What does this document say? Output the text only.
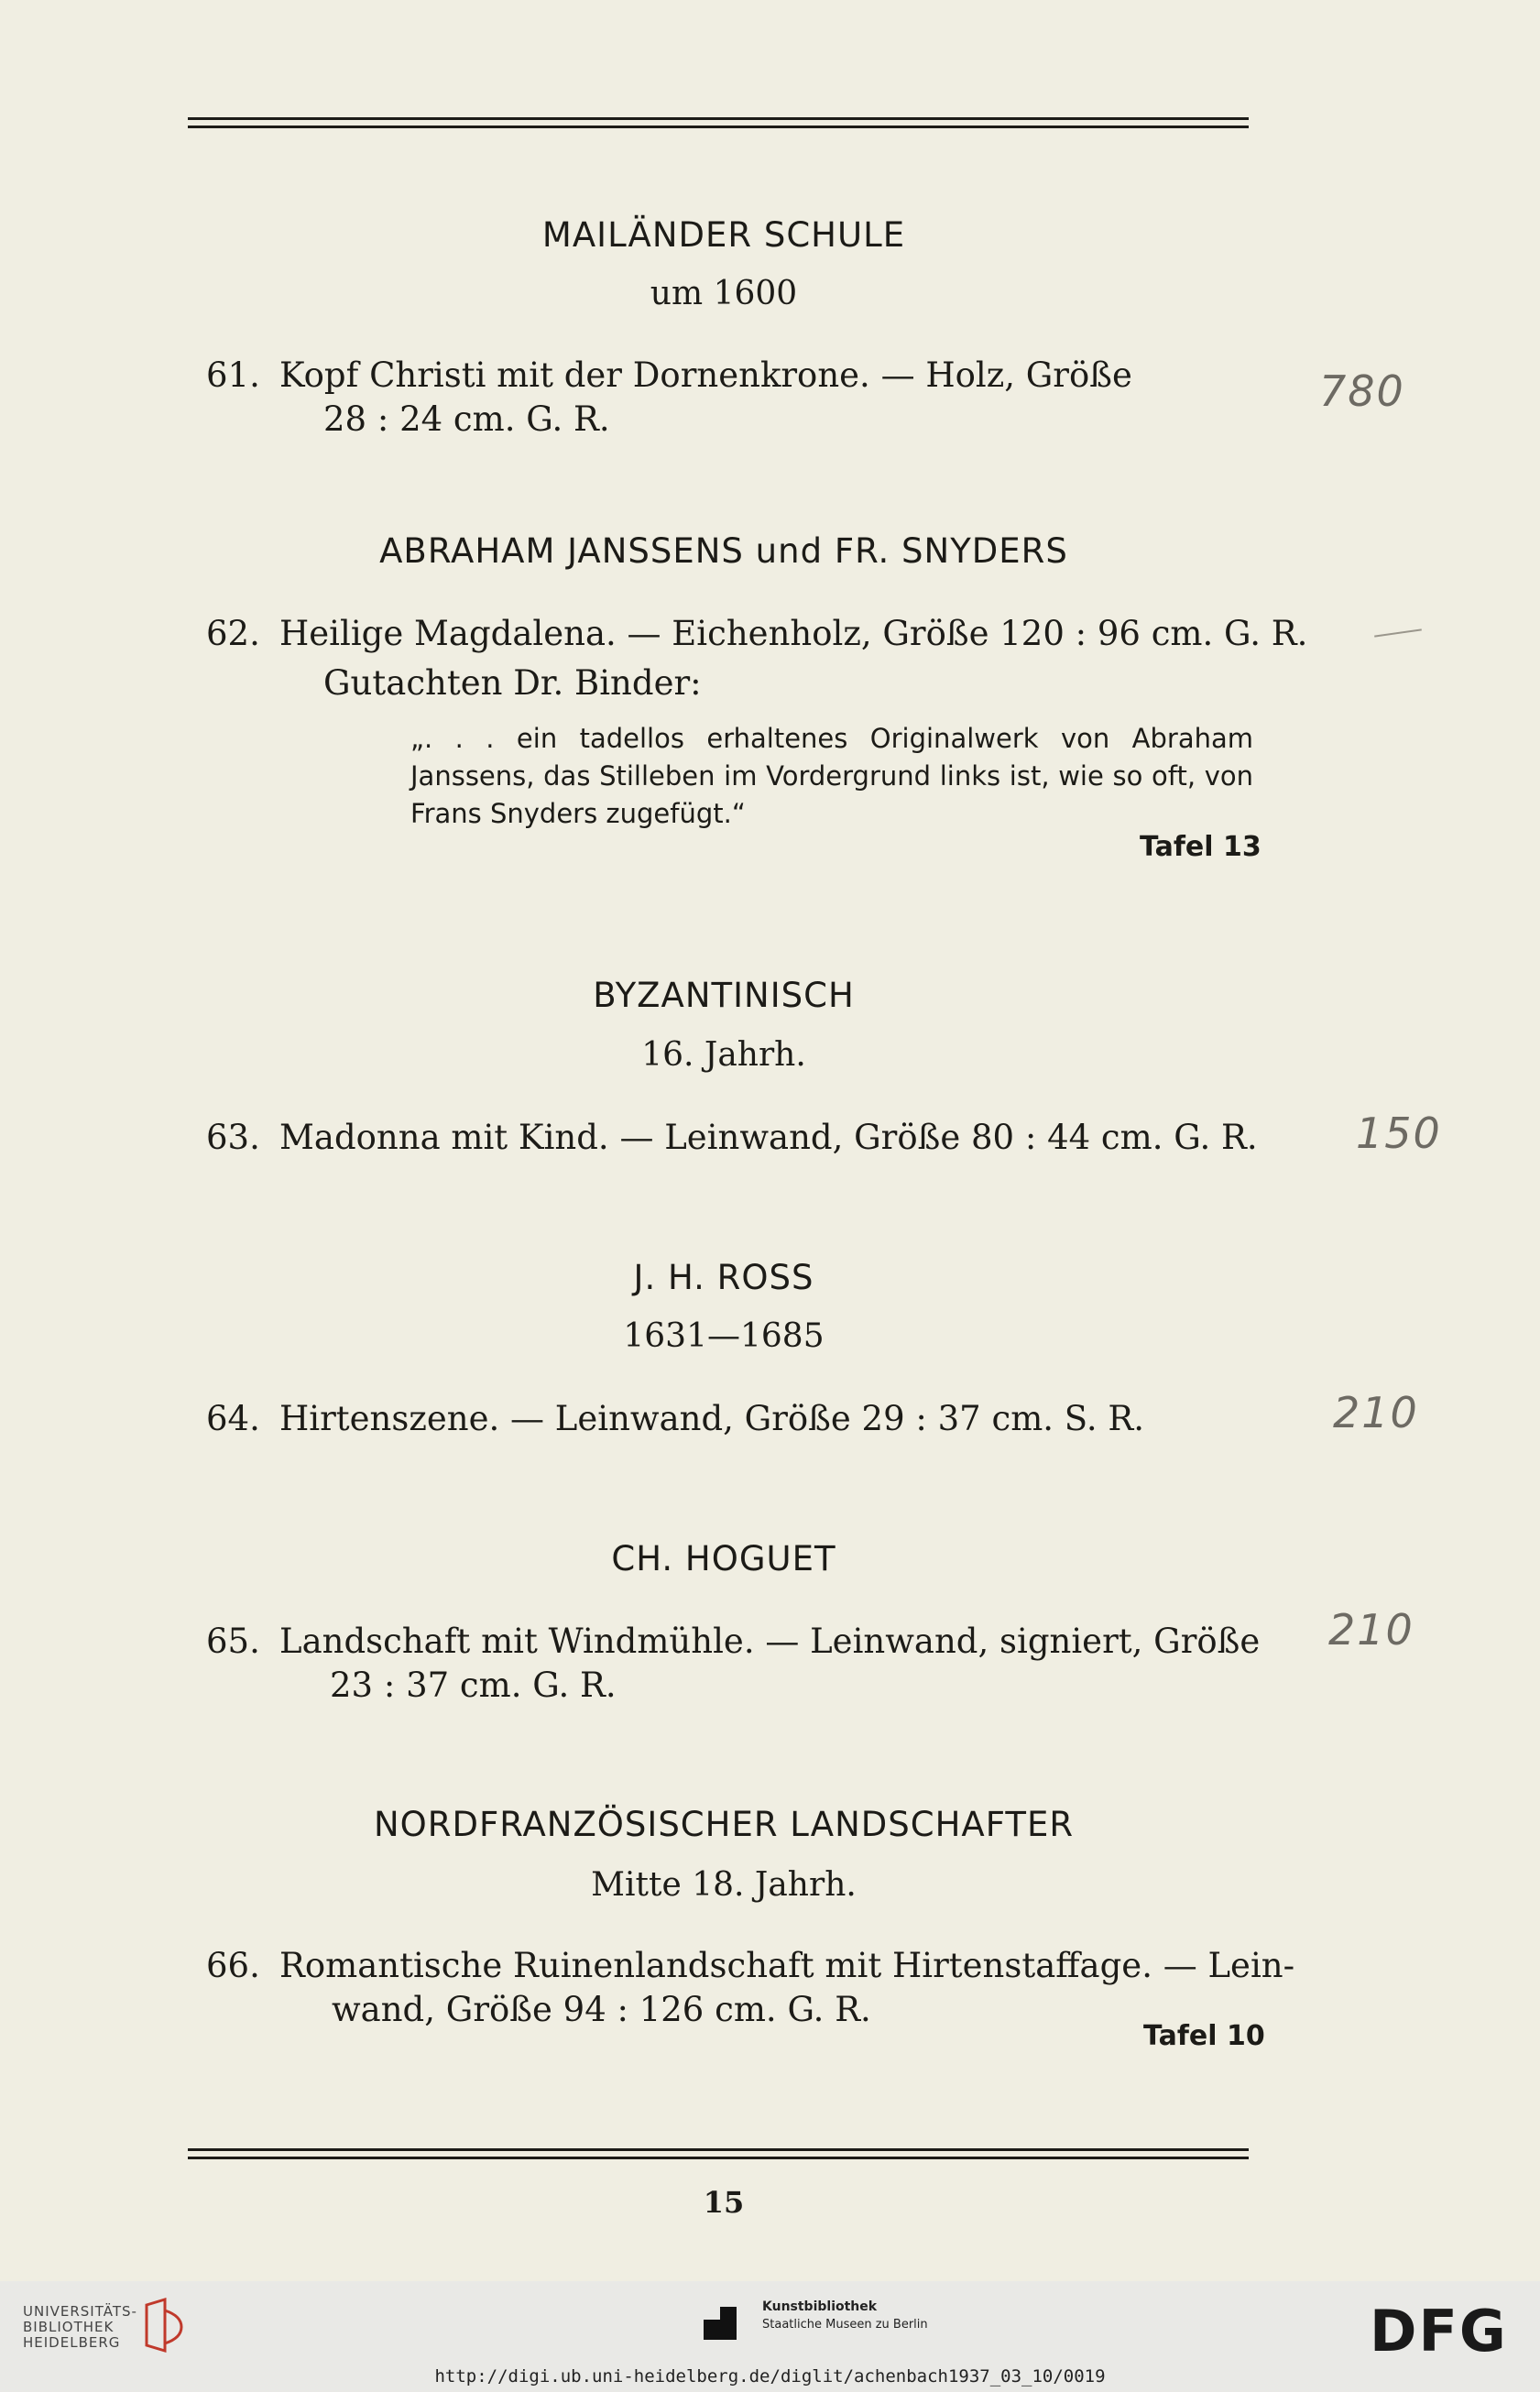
MAILÄNDER SCHULE
um 1600
61. Kopf Christi mit der Dornenkrone. — Holz, Größe
28 : 24 cm. G. R.
780
ABRAHAM JANSSENS und FR. SNYDERS
62. Heilige Magdalena. — Eichenholz, Größe 120 : 96 cm. G. R.
Gutachten Dr. Binder:
„. . . ein tadellos erhaltenes Originalwerk von Abraham Janssens, das Stilleben im Vordergrund links ist, wie so oft, von Frans Snyders zugefügt.“
Tafel 13
BYZANTINISCH
16. Jahrh.
63. Madonna mit Kind. — Leinwand, Größe 80 : 44 cm. G. R. 150
J. H. ROSS
1631—1685
64. Hirtenszene. — Leinwand, Größe 29 : 37 cm. S. R.	210
CH. HOGUET
65. Landschaft mit Windmühle. — Leinwand, signiert, Größe
23 : 37 cm. G. R.
210
NORDFRANZÖSISCHER LANDSCHAFTER
Mitte 18. Jahrh.
66. Romantische Ruinenlandschaft mit Hirtenstaffage. — Lein-
wand, Größe 94 : 126 cm. G. R.
Tafel 10
15
UNIVERSITÄTS-
BIBLIOTHEK
HEIDELBERG
Kunstbibliothek
Staatliche Museen zu Berlin	DFG
http://digi.ub.uni-heidelberg.de/diglit/achenbach1937_03_10/0019
